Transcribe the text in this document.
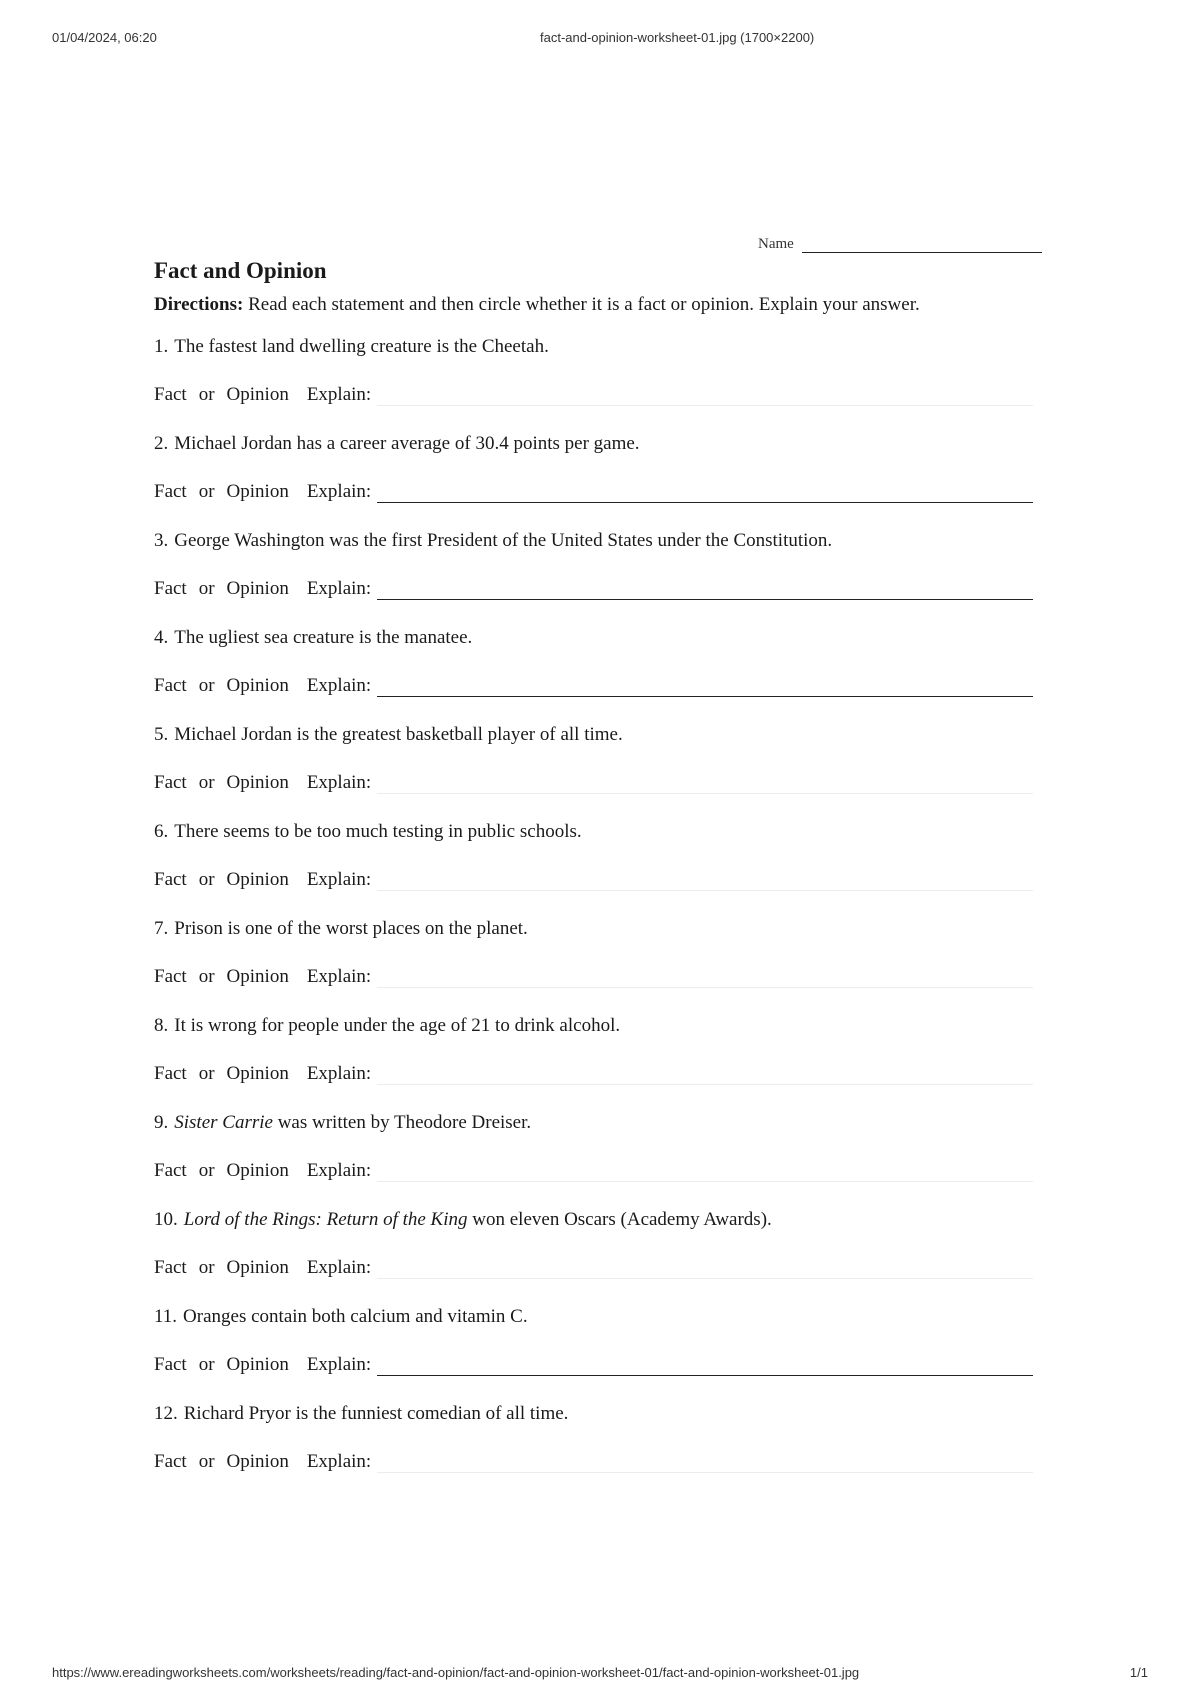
01/04/2024, 06:20	fact-and-opinion-worksheet-01.jpg (1700×2200)
Name
Fact and Opinion
Directions: Read each statement and then circle whether it is a fact or opinion. Explain your answer.
1. The fastest land dwelling creature is the Cheetah.
Fact or Opinion Explain:
2. Michael Jordan has a career average of 30.4 points per game.
Fact or Opinion Explain:
3. George Washington was the first President of the United States under the Constitution.
Fact or Opinion Explain:
4. The ugliest sea creature is the manatee.
Fact or Opinion Explain:
5. Michael Jordan is the greatest basketball player of all time.
Fact or Opinion Explain:
6. There seems to be too much testing in public schools.
Fact or Opinion Explain:
7. Prison is one of the worst places on the planet.
Fact or Opinion Explain:
8. It is wrong for people under the age of 21 to drink alcohol.
Fact or Opinion Explain:
9. Sister Carrie was written by Theodore Dreiser.
Fact or Opinion Explain:
10. Lord of the Rings: Return of the King won eleven Oscars (Academy Awards).
Fact or Opinion Explain:
11. Oranges contain both calcium and vitamin C.
Fact or Opinion Explain:
12. Richard Pryor is the funniest comedian of all time.
Fact or Opinion Explain:
https://www.ereadingworksheets.com/worksheets/reading/fact-and-opinion/fact-and-opinion-worksheet-01/fact-and-opinion-worksheet-01.jpg	1/1
